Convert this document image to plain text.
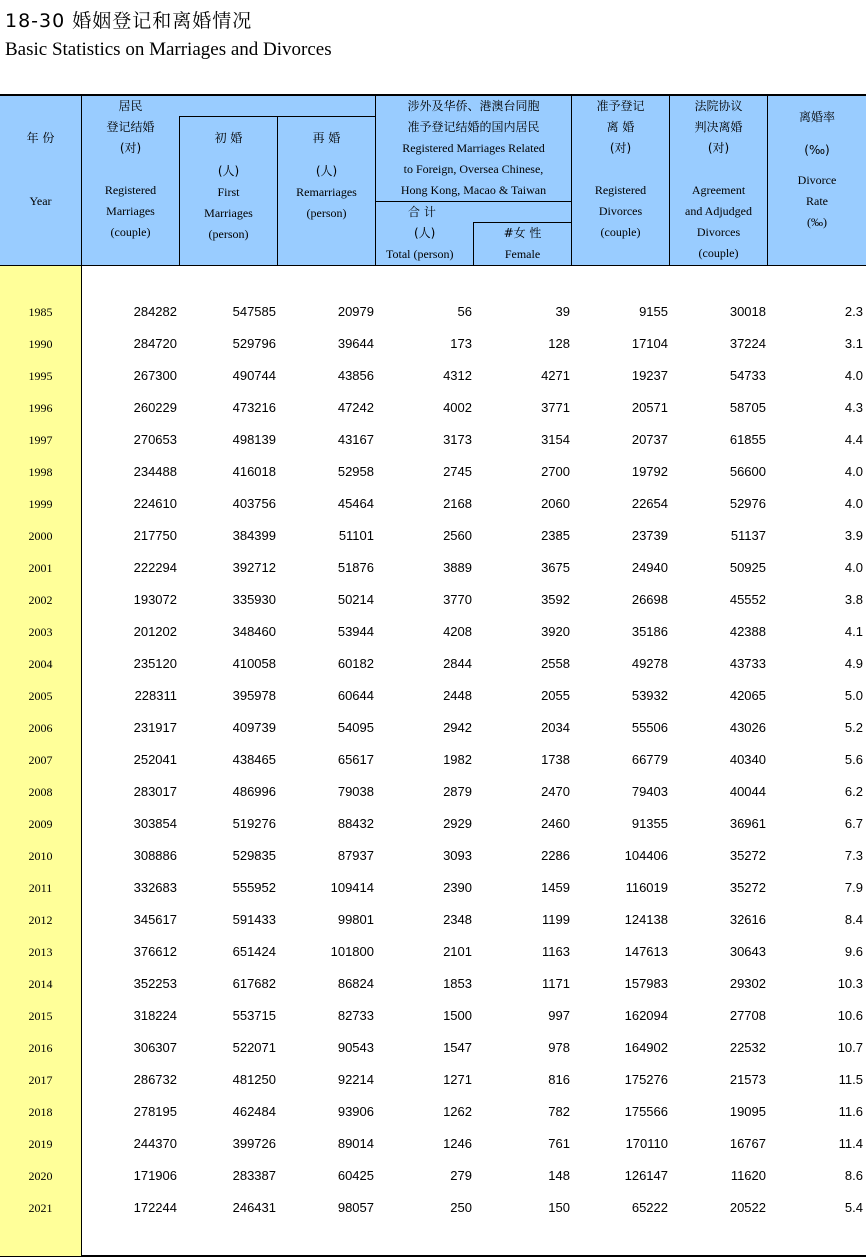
18-30 婚姻登记和离婚情况
Basic Statistics on Marriages and Divorces
年 份
Year
居民
登记结婚
(对)
Registered
Marriages
(couple)
初 婚
(人)
First
Marriages
(person)
再 婚
(人)
Remarriages
(person)
涉外及华侨、港澳台同胞
准予登记结婚的国内居民
Registered Marriages Related
to Foreign, Oversea Chinese,
Hong Kong, Macao & Taiwan
合 计
(人)
Total (person)
#女 性
Female
准予登记
离 婚
(对)
Registered
Divorces
(couple)
法院协议
判决离婚
(对)
Agreement
and Adjudged
Divorces
(couple)
离婚率
(‰)
Divorce
Rate
(‰)
1985	284282	547585	20979	56	39	9155	30018	2.3
1990	284720	529796	39644	173	128	17104	37224	3.1
1995	267300	490744	43856	4312	4271	19237	54733	4.0
1996	260229	473216	47242	4002	3771	20571	58705	4.3
1997	270653	498139	43167	3173	3154	20737	61855	4.4
1998	234488	416018	52958	2745	2700	19792	56600	4.0
1999	224610	403756	45464	2168	2060	22654	52976	4.0
2000	217750	384399	51101	2560	2385	23739	51137	3.9
2001	222294	392712	51876	3889	3675	24940	50925	4.0
2002	193072	335930	50214	3770	3592	26698	45552	3.8
2003	201202	348460	53944	4208	3920	35186	42388	4.1
2004	235120	410058	60182	2844	2558	49278	43733	4.9
2005	228311	395978	60644	2448	2055	53932	42065	5.0
2006	231917	409739	54095	2942	2034	55506	43026	5.2
2007	252041	438465	65617	1982	1738	66779	40340	5.6
2008	283017	486996	79038	2879	2470	79403	40044	6.2
2009	303854	519276	88432	2929	2460	91355	36961	6.7
2010	308886	529835	87937	3093	2286	104406	35272	7.3
2011	332683	555952	109414	2390	1459	116019	35272	7.9
2012	345617	591433	99801	2348	1199	124138	32616	8.4
2013	376612	651424	101800	2101	1163	147613	30643	9.6
2014	352253	617682	86824	1853	1171	157983	29302	10.3
2015	318224	553715	82733	1500	997	162094	27708	10.6
2016	306307	522071	90543	1547	978	164902	22532	10.7
2017	286732	481250	92214	1271	816	175276	21573	11.5
2018	278195	462484	93906	1262	782	175566	19095	11.6
2019	244370	399726	89014	1246	761	170110	16767	11.4
2020	171906	283387	60425	279	148	126147	11620	8.6
2021	172244	246431	98057	250	150	65222	20522	5.4
